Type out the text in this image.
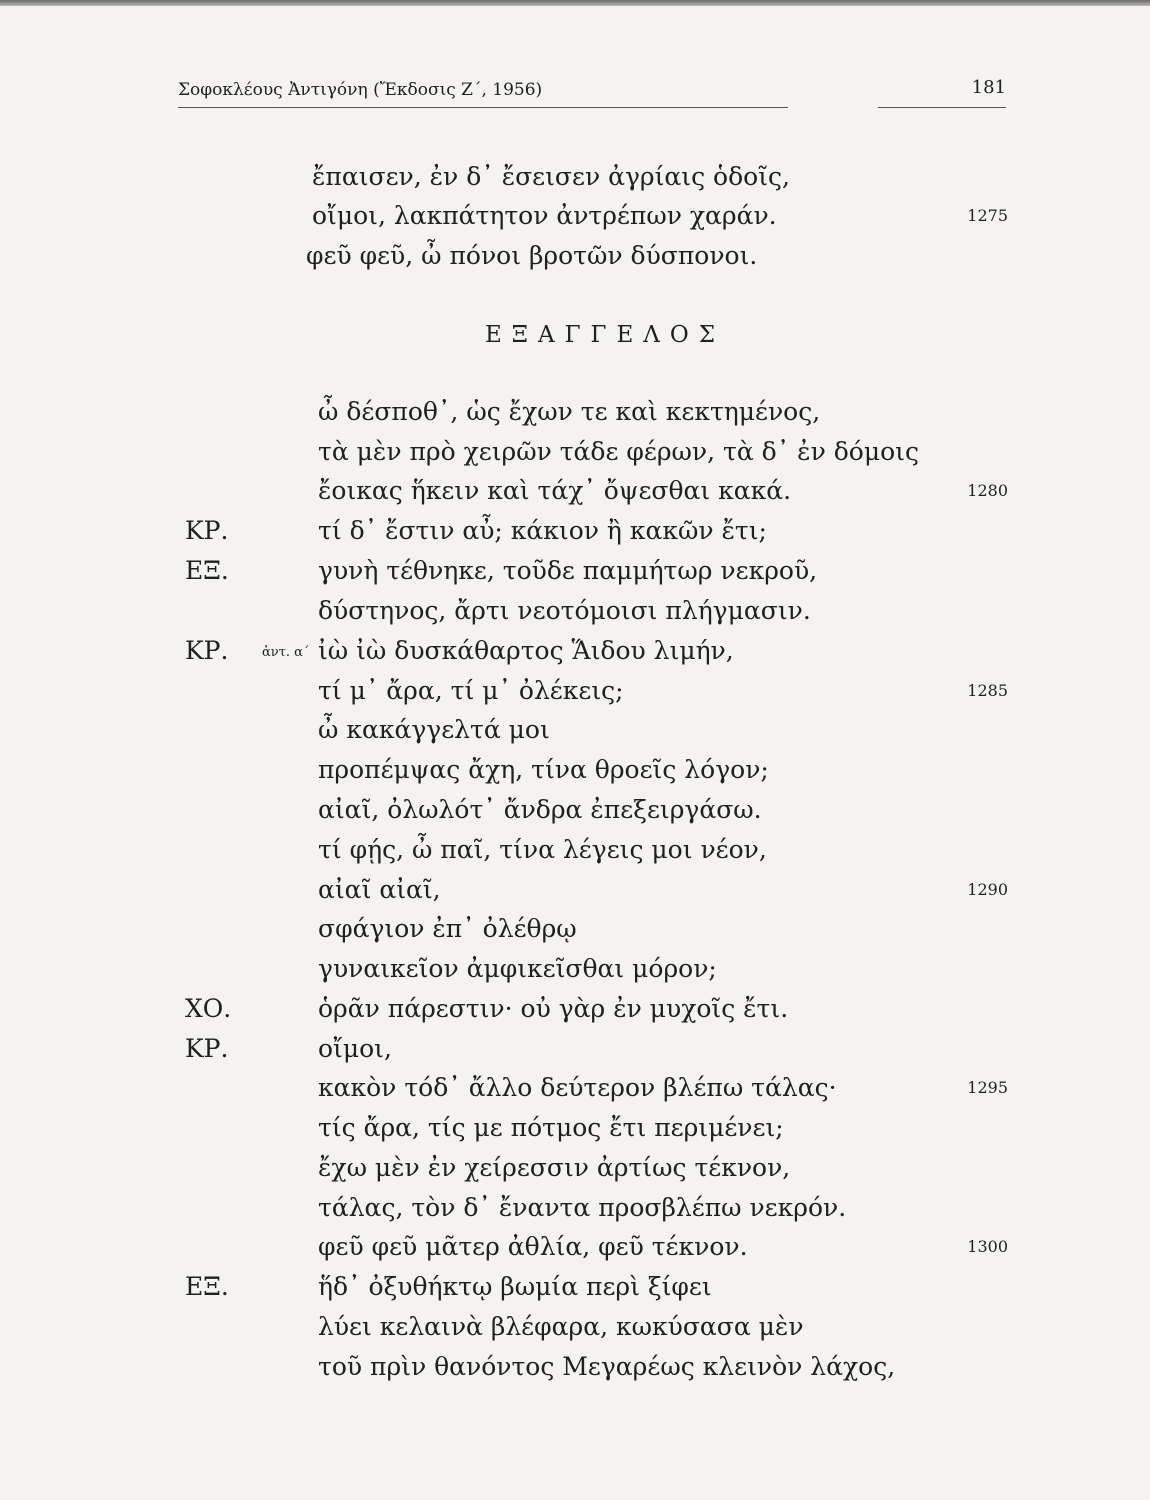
Σοφοκλέους Ἀντιγόνη (Ἔκδοσις Ζ΄, 1956)	181
ἔπαισεν, ἐν δ᾽ ἔσεισεν ἀγρίαις ὁδοῖς,
οἴμοι, λακπάτητον ἀντρέπων χαράν.	1275
φεῦ φεῦ, ὦ πόνοι βροτῶν δύσπονοι.
ὦ δέσποθ᾽, ὡς ἔχων τε καὶ κεκτημένος,
τὰ μὲν πρὸ χειρῶν τάδε φέρων, τὰ δ᾽ ἐν δόμοις
ἔοικας ἥκειν καὶ τάχ᾽ ὄψεσθαι κακά.	1280
ΚΡ.	τί δ᾽ ἔστιν αὖ; κάκιον ἢ κακῶν ἔτι;
ΕΞ.	γυνὴ τέθνηκε, τοῦδε παμμήτωρ νεκροῦ,
δύστηνος, ἄρτι νεοτόμοισι πλήγμασιν.
ΚΡ.	ἀντ. α΄ ἰὼ ἰὼ δυσκάθαρτος Ἅιδου λιμήν,
τί μ᾽ ἄρα, τί μ᾽ ὀλέκεις;	1285
ὦ κακάγγελτά μοι
προπέμψας ἄχη, τίνα θροεῖς λόγον;
αἰαῖ, ὀλωλότ᾽ ἄνδρα ἐπεξειργάσω.
τί φῄς, ὦ παῖ, τίνα λέγεις μοι νέον,
αἰαῖ αἰαῖ,	1290
σφάγιον ἐπ᾽ ὀλέθρῳ
γυναικεῖον ἀμφικεῖσθαι μόρον;
ΧΟ.	ὁρᾶν πάρεστιν· οὐ γὰρ ἐν μυχοῖς ἔτι.
ΚΡ.	οἴμοι,
κακὸν τόδ᾽ ἄλλο δεύτερον βλέπω τάλας·	1295
τίς ἄρα, τίς με πότμος ἔτι περιμένει;
ἔχω μὲν ἐν χείρεσσιν ἀρτίως τέκνον,
τάλας, τὸν δ᾽ ἔναντα προσβλέπω νεκρόν.
φεῦ φεῦ μᾶτερ ἀθλία, φεῦ τέκνον.	1300
ΕΞ.	ἥδ᾽ ὀξυθήκτῳ βωμία περὶ ξίφει
λύει κελαινὰ βλέφαρα, κωκύσασα μὲν
τοῦ πρὶν θανόντος Μεγαρέως κλεινὸν λάχος,
ΕΞΑΓΓΕΛΟΣ
